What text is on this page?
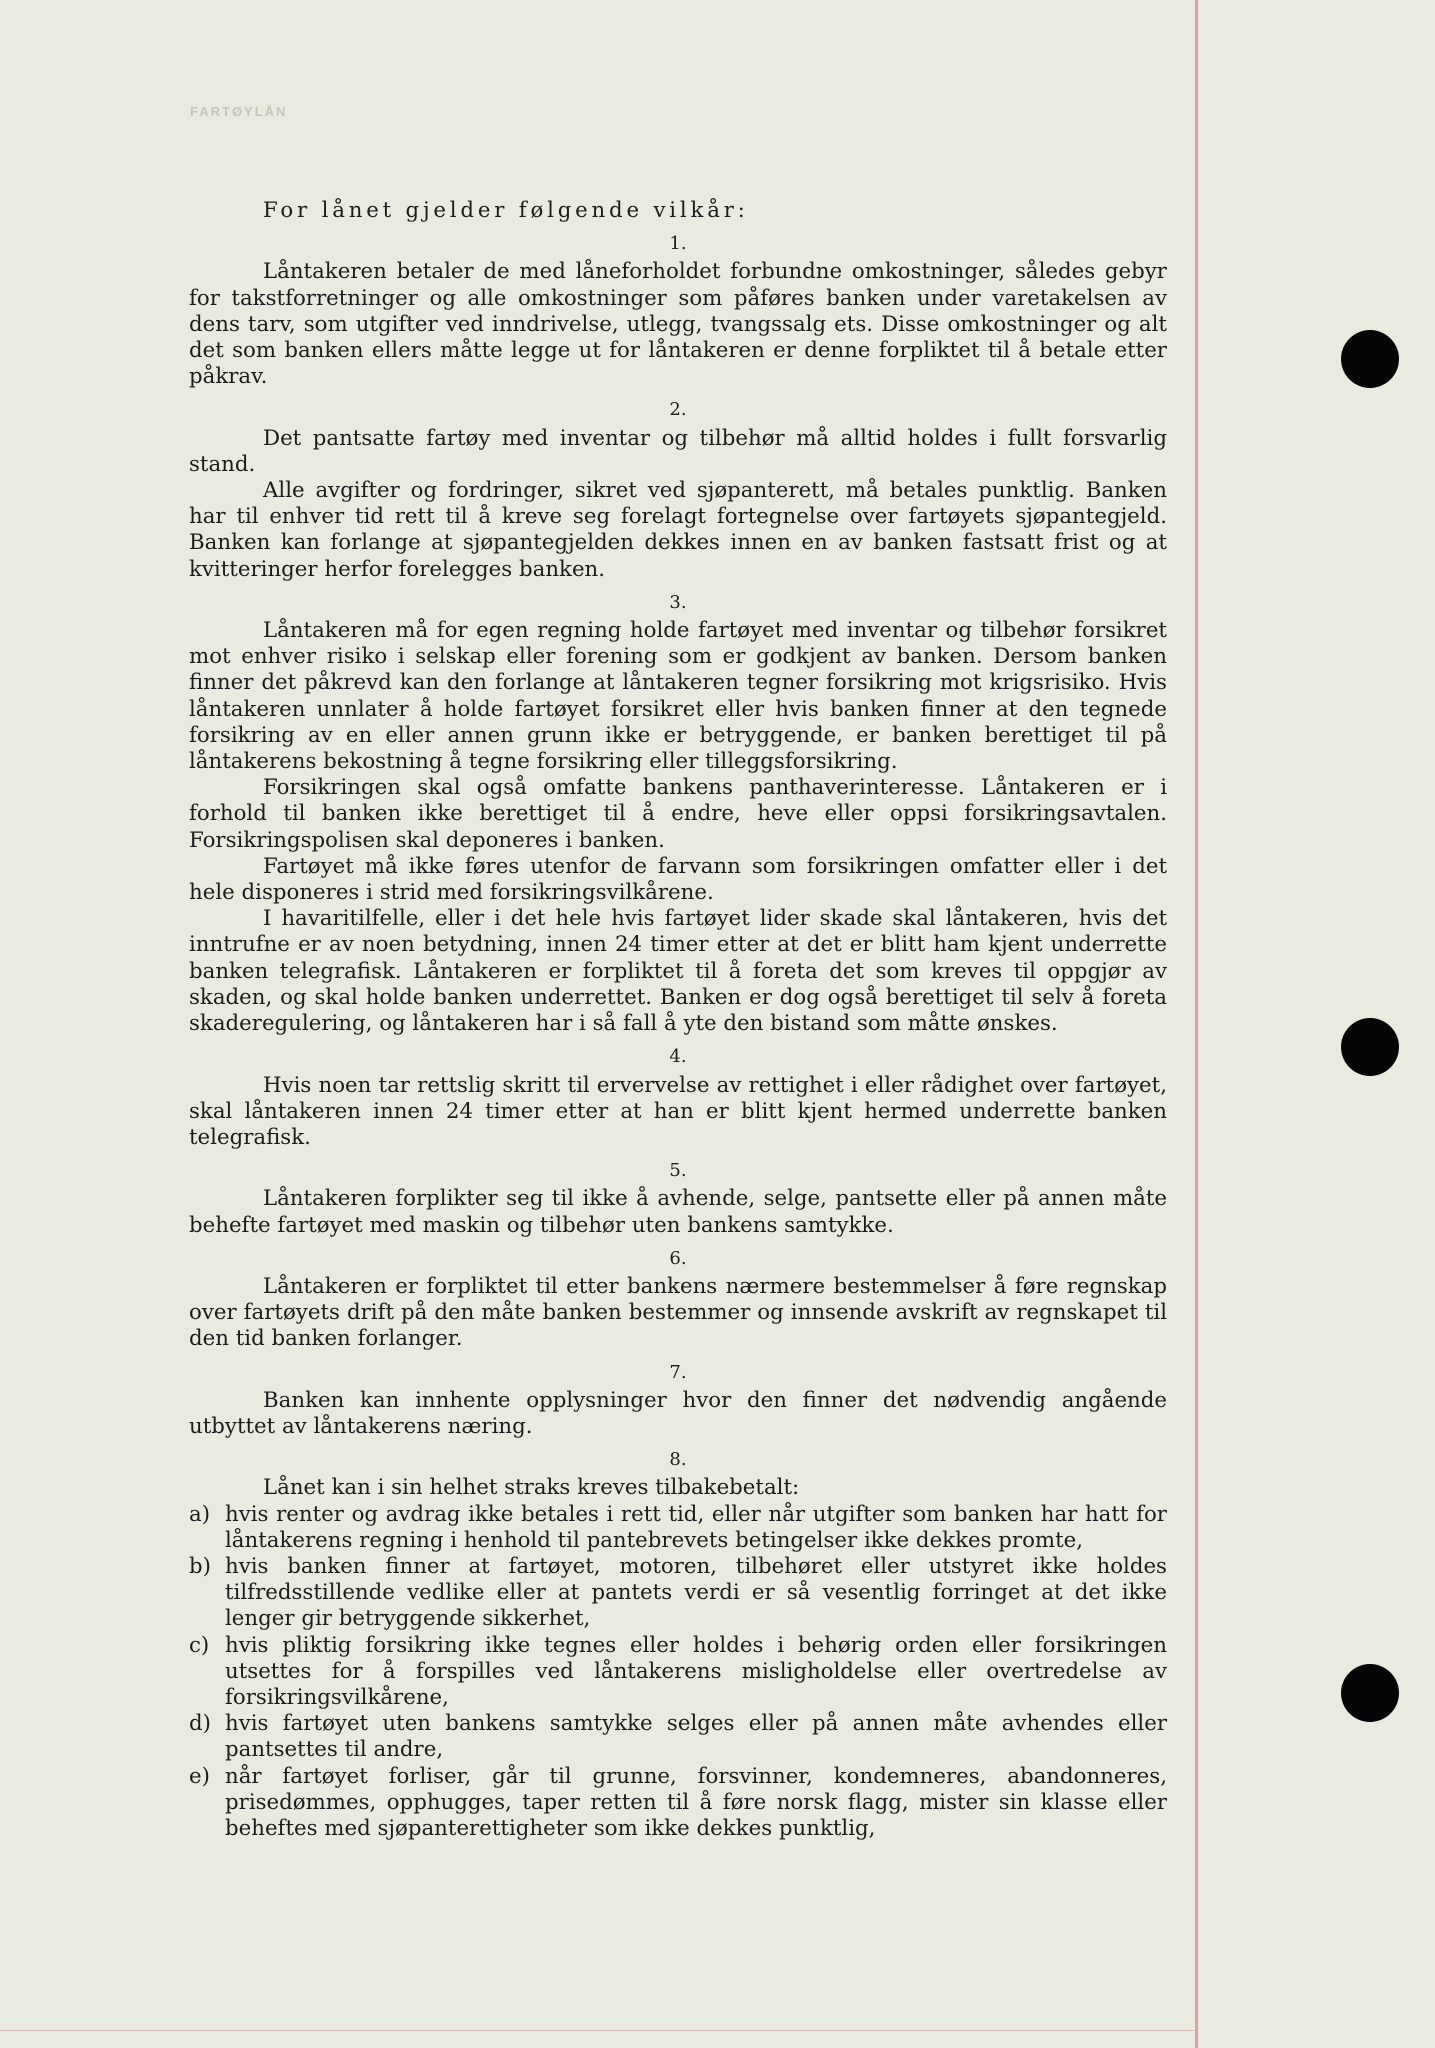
FARTØYLÅN
For lånet gjelder følgende vilkår:
1.

Låntakeren betaler de med låneforholdet forbundne omkostninger, således gebyr for takstforretninger og alle omkostninger som påføres banken under varetakelsen av dens tarv, som utgifter ved inndrivelse, utlegg, tvangssalg ets. Disse omkostninger og alt det som banken ellers måtte legge ut for låntakeren er denne forpliktet til å betale etter påkrav.

2.

Det pantsatte fartøy med inventar og tilbehør må alltid holdes i fullt forsvarlig stand.

Alle avgifter og fordringer, sikret ved sjøpanterett, må betales punktlig. Banken har til enhver tid rett til å kreve seg forelagt fortegnelse over fartøyets sjøpantegjeld. Banken kan forlange at sjøpantegjelden dekkes innen en av banken fastsatt frist og at kvitteringer herfor forelegges banken.

3.

Låntakeren må for egen regning holde fartøyet med inventar og tilbehør forsikret mot enhver risiko i selskap eller forening som er godkjent av banken. Dersom banken finner det påkrevd kan den forlange at låntakeren tegner forsikring mot krigsrisiko. Hvis låntakeren unnlater å holde fartøyet forsikret eller hvis banken finner at den tegnede forsikring av en eller annen grunn ikke er betryggende, er banken berettiget til på låntakerens bekostning å tegne forsikring eller tilleggsforsikring.

Forsikringen skal også omfatte bankens panthaverinteresse. Låntakeren er i forhold til banken ikke berettiget til å endre, heve eller oppsi forsikringsavtalen. Forsikringspolisen skal deponeres i banken.

Fartøyet må ikke føres utenfor de farvann som forsikringen omfatter eller i det hele disponeres i strid med forsikringsvilkårene.

I havaritilfelle, eller i det hele hvis fartøyet lider skade skal låntakeren, hvis det inntrufne er av noen betydning, innen 24 timer etter at det er blitt ham kjent underrette banken telegrafisk. Låntakeren er forpliktet til å foreta det som kreves til oppgjør av skaden, og skal holde banken underrettet. Banken er dog også berettiget til selv å foreta skaderegulering, og låntakeren har i så fall å yte den bistand som måtte ønskes.

4.

Hvis noen tar rettslig skritt til ervervelse av rettighet i eller rådighet over fartøyet, skal låntakeren innen 24 timer etter at han er blitt kjent hermed underrette banken telegrafisk.

5.

Låntakeren forplikter seg til ikke å avhende, selge, pantsette eller på annen måte behefte fartøyet med maskin og tilbehør uten bankens samtykke.

6.

Låntakeren er forpliktet til etter bankens nærmere bestemmelser å føre regnskap over fartøyets drift på den måte banken bestemmer og innsende avskrift av regnskapet til den tid banken forlanger.

7.

Banken kan innhente opplysninger hvor den finner det nødvendig angående utbyttet av låntakerens næring.

8.

Lånet kan i sin helhet straks kreves tilbakebetalt:

a) hvis renter og avdrag ikke betales i rett tid, eller når utgifter som banken har hatt for låntakerens regning i henhold til pantebrevets betingelser ikke dekkes promte,
b) hvis banken finner at fartøyet, motoren, tilbehøret eller utstyret ikke holdes tilfredsstillende vedlike eller at pantets verdi er så vesentlig forringet at det ikke lenger gir betryggende sikkerhet,
c) hvis pliktig forsikring ikke tegnes eller holdes i behørig orden eller forsikringen utsettes for å forspilles ved låntakerens misligholdelse eller overtredelse av forsikringsvilkårene,
d) hvis fartøyet uten bankens samtykke selges eller på annen måte avhendes eller pantsettes til andre,
e) når fartøyet forliser, går til grunne, forsvinner, kondemneres, abandonneres, prisedømmes, opphugges, taper retten til å føre norsk flagg, mister sin klasse eller beheftes med sjøpanterettigheter som ikke dekkes punktlig,
